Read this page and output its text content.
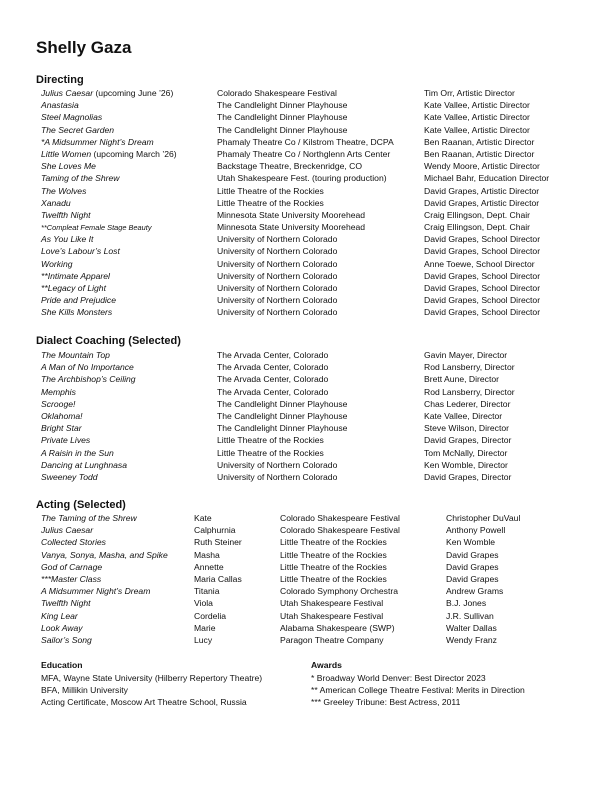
Shelly Gaza
Directing
Julius Caesar (upcoming June ’26)	Colorado Shakespeare Festival	Tim Orr, Artistic Director
Anastasia	The Candlelight Dinner Playhouse	Kate Vallee, Artistic Director
Steel Magnolias	The Candlelight Dinner Playhouse	Kate Vallee, Artistic Director
The Secret Garden	The Candlelight Dinner Playhouse	Kate Vallee, Artistic Director
*A Midsummer Night’s Dream	Phamaly Theatre Co / Kilstrom Theatre, DCPA	Ben Raanan, Artistic Director
Little Women (upcoming March ’26)	Phamaly Theatre Co / Northglenn Arts Center	Ben Raanan, Artistic Director
She Loves Me	Backstage Theatre, Breckenridge, CO	Wendy Moore, Artistic Director
Taming of the Shrew	Utah Shakespeare Fest. (touring production)	Michael Bahr, Education Director
The Wolves	Little Theatre of the Rockies	David Grapes, Artistic Director
Xanadu	Little Theatre of the Rockies	David Grapes, Artistic Director
Twelfth Night	Minnesota State University Moorehead	Craig Ellingson, Dept. Chair
**Compleat Female Stage Beauty	Minnesota State University Moorehead	Craig Ellingson, Dept. Chair
As You Like It	University of Northern Colorado	David Grapes, School Director
Love’s Labour’s Lost	University of Northern Colorado	David Grapes, School Director
Working	University of Northern Colorado	Anne Toewe, School Director
**Intimate Apparel	University of Northern Colorado	David Grapes, School Director
**Legacy of Light	University of Northern Colorado	David Grapes, School Director
Pride and Prejudice	University of Northern Colorado	David Grapes, School Director
She Kills Monsters	University of Northern Colorado	David Grapes, School Director
Dialect Coaching (Selected)
The Mountain Top	The Arvada Center, Colorado	Gavin Mayer, Director
A Man of No Importance	The Arvada Center, Colorado	Rod Lansberry, Director
The Archbishop’s Ceiling	The Arvada Center, Colorado	Brett Aune, Director
Memphis	The Arvada Center, Colorado	Rod Lansberry, Director
Scrooge!	The Candlelight Dinner Playhouse	Chas Lederer, Director
Oklahoma!	The Candlelight Dinner Playhouse	Kate Vallee, Director
Bright Star	The Candlelight Dinner Playhouse	Steve Wilson, Director
Private Lives	Little Theatre of the Rockies	David Grapes, Director
A Raisin in the Sun	Little Theatre of the Rockies	Tom McNally, Director
Dancing at Lunghnasa	University of Northern Colorado	Ken Womble, Director
Sweeney Todd	University of Northern Colorado	David Grapes, Director
Acting (Selected)
The Taming of the Shrew	Kate	Colorado Shakespeare Festival	Christopher DuVaul
Julius Caesar	Calphurnia	Colorado Shakespeare Festival	Anthony Powell
Collected Stories	Ruth Steiner	Little Theatre of the Rockies	Ken Womble
Vanya, Sonya, Masha, and Spike	Masha	Little Theatre of the Rockies	David Grapes
God of Carnage	Annette	Little Theatre of the Rockies	David Grapes
***Master Class	Maria Callas	Little Theatre of the Rockies	David Grapes
A Midsummer Night’s Dream	Titania	Colorado Symphony Orchestra	Andrew Grams
Twelfth Night	Viola	Utah Shakespeare Festival	B.J. Jones
King Lear	Cordelia	Utah Shakespeare Festival	J.R. Sullivan
Look Away	Marie	Alabama Shakespeare (SWP)	Walter Dallas
Sailor’s Song	Lucy	Paragon Theatre Company	Wendy Franz
Education
MFA, Wayne State University (Hilberry Repertory Theatre)
BFA, Millikin University
Acting Certificate, Moscow Art Theatre School, Russia
Awards
* Broadway World Denver: Best Director 2023
** American College Theatre Festival: Merits in Direction
*** Greeley Tribune: Best Actress, 2011
